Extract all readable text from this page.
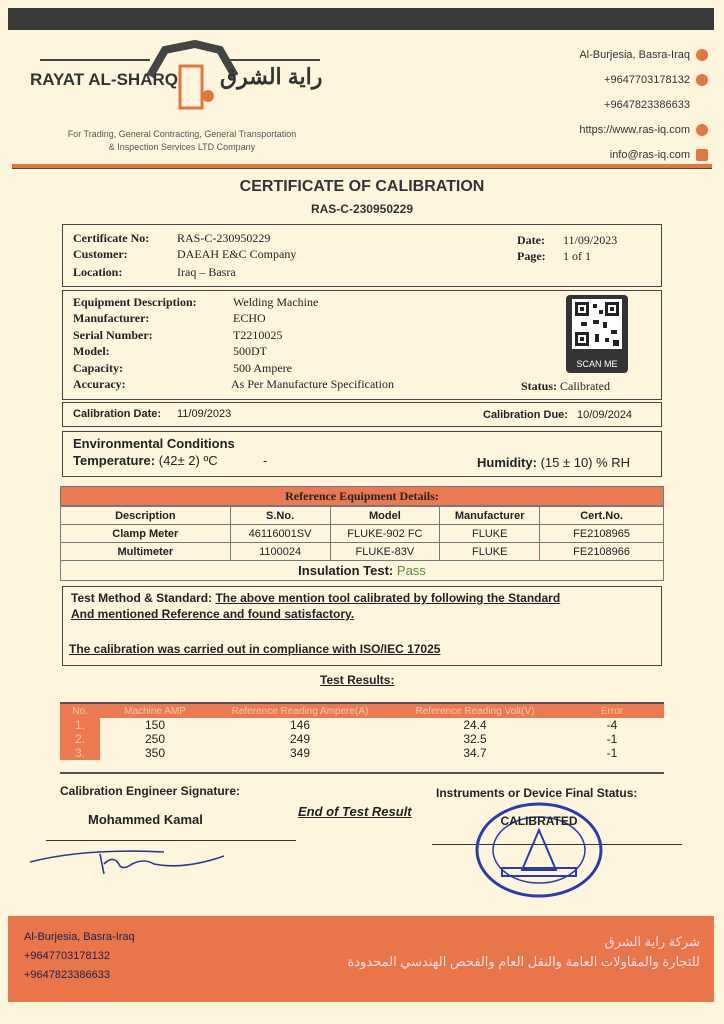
RAYAT AL-SHARQ راية الشرق
For Trading, General Contracting, General Transportation
& Inspection Services LTD Company
Al-Burjesia, Basra-Iraq
+9647703178132
+9647823386633
https://www.ras-iq.com
info@ras-iq.com
CERTIFICATE OF CALIBRATION
RAS-C-230950229
Certificate No: RAS-C-230950229
Customer:	DAEAH E&C Company
Location:	Iraq – Basra
Date: 11/09/2023
Page: 1 of 1
Equipment Description:	Welding Machine
Manufacturer:	ECHO
Serial Number:	T2210025
Model:	500DT
Capacity:	500 Ampere
Accuracy:	As Per Manufacture Specification
SCAN ME
Status: Calibrated
Calibration Date: 11/09/2023	Calibration Due: 10/09/2024
Environmental Conditions
Temperature: (42± 2) ºC	-	Humidity: (15 ± 10) % RH
Reference Equipment Details:
Description	S.No.	Model	Manufacturer	Cert.No.
Clamp Meter	46116001SV	FLUKE-902 FC	FLUKE	FE2108965
Multimeter	1100024	FLUKE-83V	FLUKE	FE2108966
Insulation Test: Pass				
Test Method & Standard: The above mention tool calibrated by following the Standard
And mentioned Reference and found satisfactory.
The calibration was carried out in compliance with ISO/IEC 17025
Test Results:
No.	Machine AMP	Reference Reading Ampere(A)	Reference Reading Volt(V)	Error
1.	150	146	24.4	-4
2.	250	249	32.5	-1
3.	350	349	34.7	-1
Calibration Engineer Signature:
Mohammed Kamal
End of Test Result
Instruments or Device Final Status:
CALIBRATED
Al-Burjesia, Basra-Iraq
+9647703178132
+9647823386633
شركة راية الشرق
للتجارة والمقاولات العامة والنقل العام والفحص الهندسي المحدودة
